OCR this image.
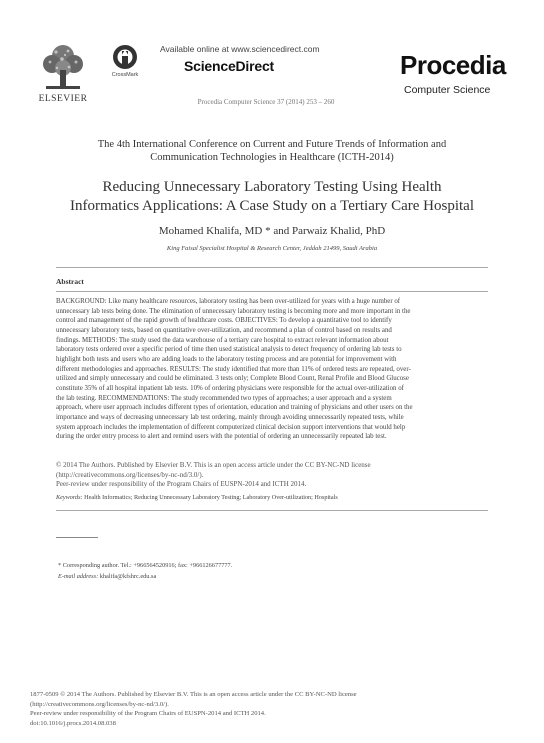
ELSEVIER
CrossMark
Available online at www.sciencedirect.com
ScienceDirect
Procedia Computer Science 37 (2014) 253 – 260
Procedia
Computer Science
The 4th International Conference on Current and Future Trends of Information and
Communication Technologies in Healthcare (ICTH-2014)
Reducing Unnecessary Laboratory Testing Using Health
Informatics Applications: A Case Study on a Tertiary Care Hospital
Mohamed Khalifa, MD * and Parwaiz Khalid, PhD
King Faisal Specialist Hospital & Research Center, Jeddah 21499, Saudi Arabia
Abstract
BACKGROUND: Like many healthcare resources, laboratory testing has been over-utilized for years with a huge number of
unnecessary lab tests being done. The elimination of unnecessary laboratory testing is becoming more and more important in the
control and management of the rapid growth of healthcare costs. OBJECTIVES: To develop a quantitative tool to identify
unnecessary laboratory tests, based on quantitative over-utilization, and recommend a plan of control based on results and
findings. METHODS: The study used the data warehouse of a tertiary care hospital to extract relevant information about
laboratory tests ordered over a specific period of time then used statistical analysis to detect frequency of ordering lab tests to
highlight both tests and users who are adding loads to the laboratory testing process and are potential for improvement with
different methodologies and approaches. RESULTS: The study identified that more than 11% of ordered tests are repeated, over-
utilized and simply unnecessary and could be eliminated. 3 tests only; Complete Blood Count, Renal Profile and Blood Glucose
constitute 35% of all hospital inpatient lab tests. 10% of ordering physicians were responsible for the actual over-utilization of
the lab testing. RECOMMENDATIONS: The study recommended two types of approaches; a user approach and a system
approach, where user approach includes different types of orientation, education and training of physicians and other users on the
importance and ways of decreasing unnecessary lab test ordering, mainly through avoiding unnecessarily repeated tests, while
system approach includes the implementation of different computerized clinical decision support interventions that would help
during the order entry process to alert and remind users with the potential of ordering an unnecessarily repeated lab test.
© 2014 The Authors. Published by Elsevier B.V. This is an open access article under the CC BY-NC-ND license
(http://creativecommons.org/licenses/by-nc-nd/3.0/).
Peer-review under responsibility of the Program Chairs of EUSPN-2014 and ICTH 2014.
Keywords: Health Informatics; Reducing Unnecessary Laboratory Testing; Laboratory Over-utilization; Hospitals
* Corresponding author. Tel.: +966564520916; fax: +966126677777.
E-mail address: khalifa@kfshrc.edu.sa
1877-0509 © 2014 The Authors. Published by Elsevier B.V. This is an open access article under the CC BY-NC-ND license
(http://creativecommons.org/licenses/by-nc-nd/3.0/).
Peer-review under responsibility of the Program Chairs of EUSPN-2014 and ICTH 2014.
doi:10.1016/j.procs.2014.08.038
